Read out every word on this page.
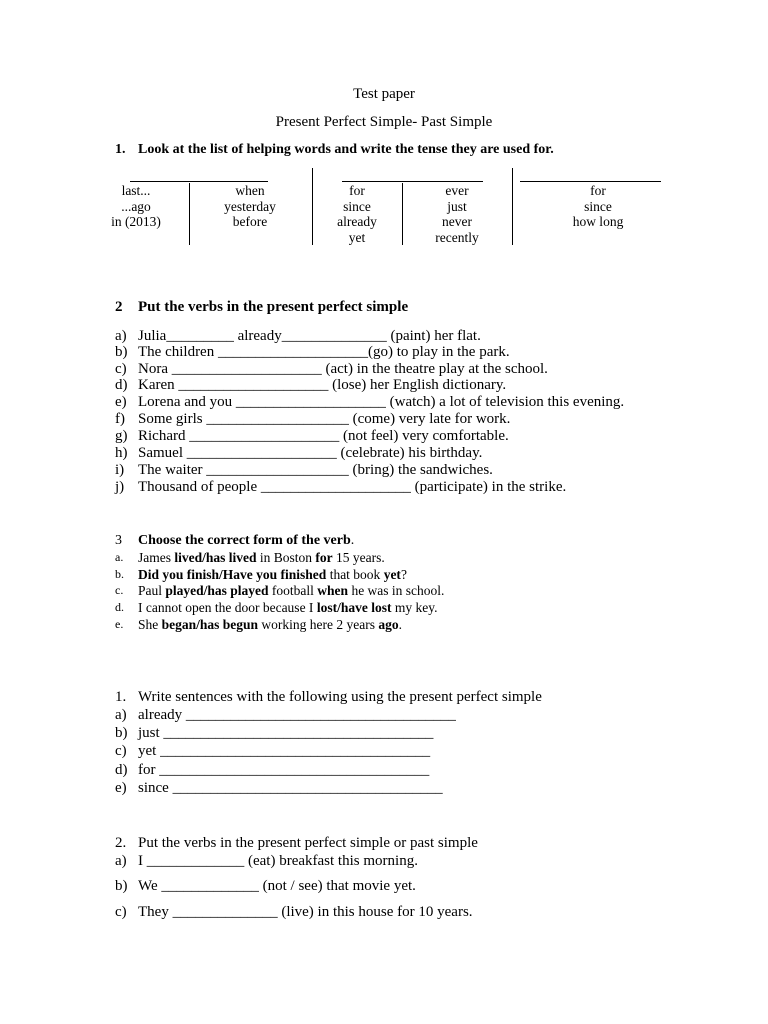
Test paper
Present Perfect Simple- Past Simple
1. Look at the list of helping words and write the tense they are used for.
last...
...ago
in (2013)
when
yesterday
before
for
since
already
yet
ever
just
never
recently
for
since
how long
2 Put the verbs in the present perfect simple
a) Julia_________ already______________ (paint) her flat.
b) The children ____________________(go) to play in the park.
c) Nora ____________________ (act) in the theatre play at the school.
d) Karen ____________________ (lose) her English dictionary.
e) Lorena and you ____________________ (watch) a lot of television this evening.
f) Some girls ___________________ (come) very late for work.
g) Richard ____________________ (not feel) very comfortable.
h) Samuel ____________________ (celebrate) his birthday.
i) The waiter ___________________ (bring) the sandwiches.
j) Thousand of people ____________________ (participate) in the strike.
3 Choose the correct form of the verb.
a. James lived/has lived in Boston for 15 years.
b. Did you finish/Have you finished that book yet?
c. Paul played/has played football when he was in school.
d. I cannot open the door because I lost/have lost my key.
e. She began/has begun working here 2 years ago.
1. Write sentences with the following using the present perfect simple
a) already ____________________________________
b) just ____________________________________
c) yet ____________________________________
d) for ____________________________________
e) since ____________________________________
2. Put the verbs in the present perfect simple or past simple
a) I _____________ (eat) breakfast this morning.
b) We _____________ (not / see) that movie yet.
c) They ______________ (live) in this house for 10 years.
